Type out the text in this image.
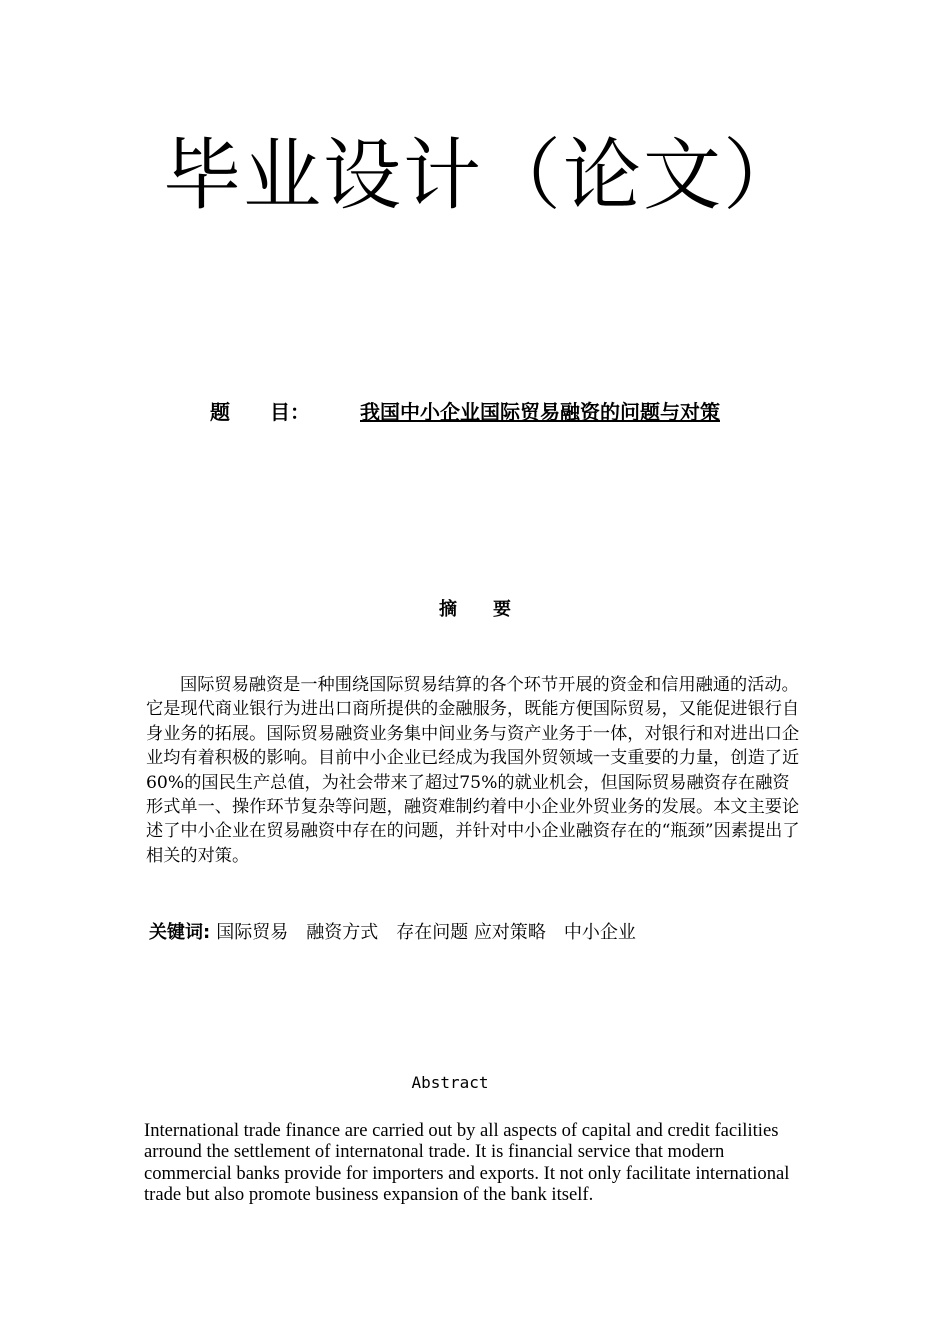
毕业设计（论文）
题　　目：	我国中小企业国际贸易融资的问题与对策
摘　　要
国际贸易融资是一种围绕国际贸易结算的各个环节开展的资金和信用融通的活动。它是现代商业银行为进出口商所提供的金融服务，既能方便国际贸易，又能促进银行自身业务的拓展。国际贸易融资业务集中间业务与资产业务于一体，对银行和对进出口企业均有着积极的影响。目前中小企业已经成为我国外贸领域一支重要的力量，创造了近60%的国民生产总值，为社会带来了超过75%的就业机会，但国际贸易融资存在融资形式单一、操作环节复杂等问题，融资难制约着中小企业外贸业务的发展。本文主要论述了中小企业在贸易融资中存在的问题，并针对中小企业融资存在的“瓶颈”因素提出了相关的对策。
关键词: 国际贸易　融资方式　存在问题 应对策略　中小企业
Abstract
International trade finance are carried out by all aspects of capital and credit facilities arround the settlement of internatonal trade. It is financial service that modern commercial banks provide for importers and exports. It not only facilitate international trade but also promote business expansion of the bank itself.
